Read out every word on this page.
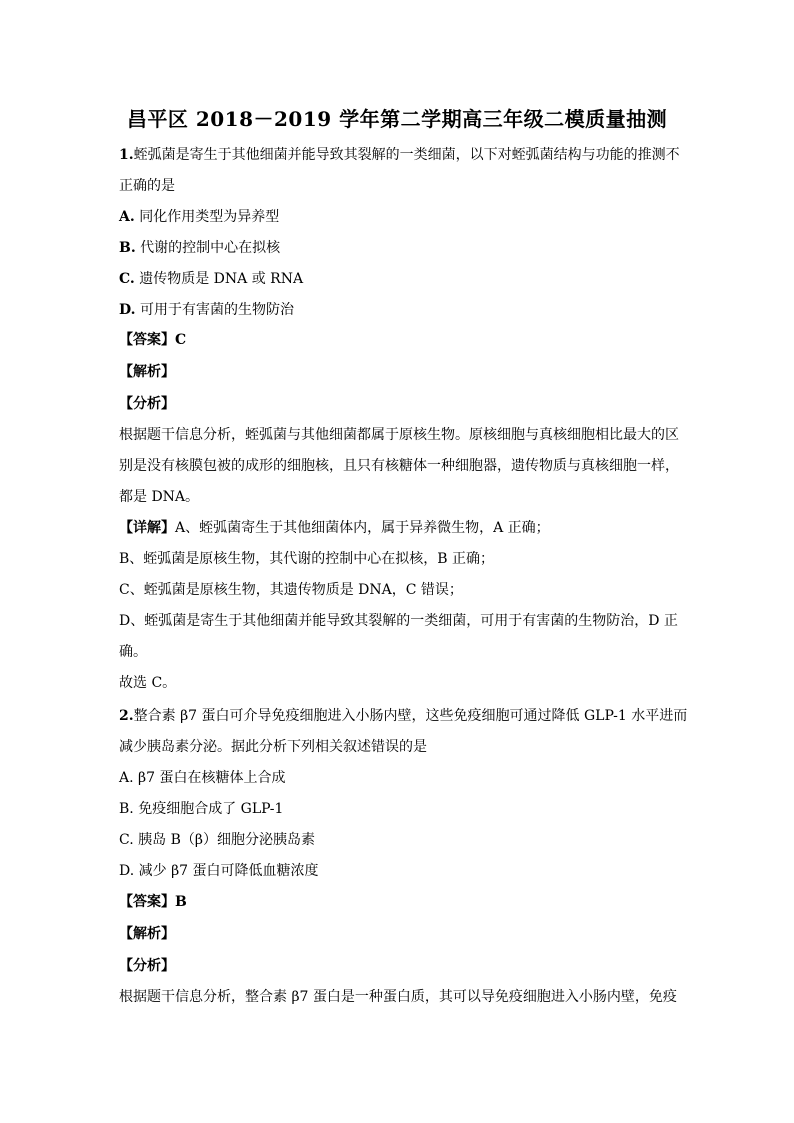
昌平区 2018－2019 学年第二学期高三年级二模质量抽测
1.蛭弧菌是寄生于其他细菌并能导致其裂解的一类细菌，以下对蛭弧菌结构与功能的推测不
正确的是
A. 同化作用类型为异养型
B. 代谢的控制中心在拟核
C. 遗传物质是 DNA 或 RNA
D. 可用于有害菌的生物防治
【答案】C
【解析】
【分析】
根据题干信息分析，蛭弧菌与其他细菌都属于原核生物。原核细胞与真核细胞相比最大的区
别是没有核膜包被的成形的细胞核，且只有核糖体一种细胞器，遗传物质与真核细胞一样，
都是 DNA。
【详解】A、蛭弧菌寄生于其他细菌体内，属于异养微生物，A 正确；
B、蛭弧菌是原核生物，其代谢的控制中心在拟核，B 正确；
C、蛭弧菌是原核生物，其遗传物质是 DNA，C 错误；
D、蛭弧菌是寄生于其他细菌并能导致其裂解的一类细菌，可用于有害菌的生物防治，D 正
确。
故选 C。
2.整合素 β7 蛋白可介导免疫细胞进入小肠内壁，这些免疫细胞可通过降低 GLP-1 水平进而
减少胰岛素分泌。据此分析下列相关叙述错误的是
A. β7 蛋白在核糖体上合成
B. 免疫细胞合成了 GLP-1
C. 胰岛 B（β）细胞分泌胰岛素
D. 减少 β7 蛋白可降低血糖浓度
【答案】B
【解析】
【分析】
根据题干信息分析，整合素 β7 蛋白是一种蛋白质，其可以导免疫细胞进入小肠内壁，免疫
